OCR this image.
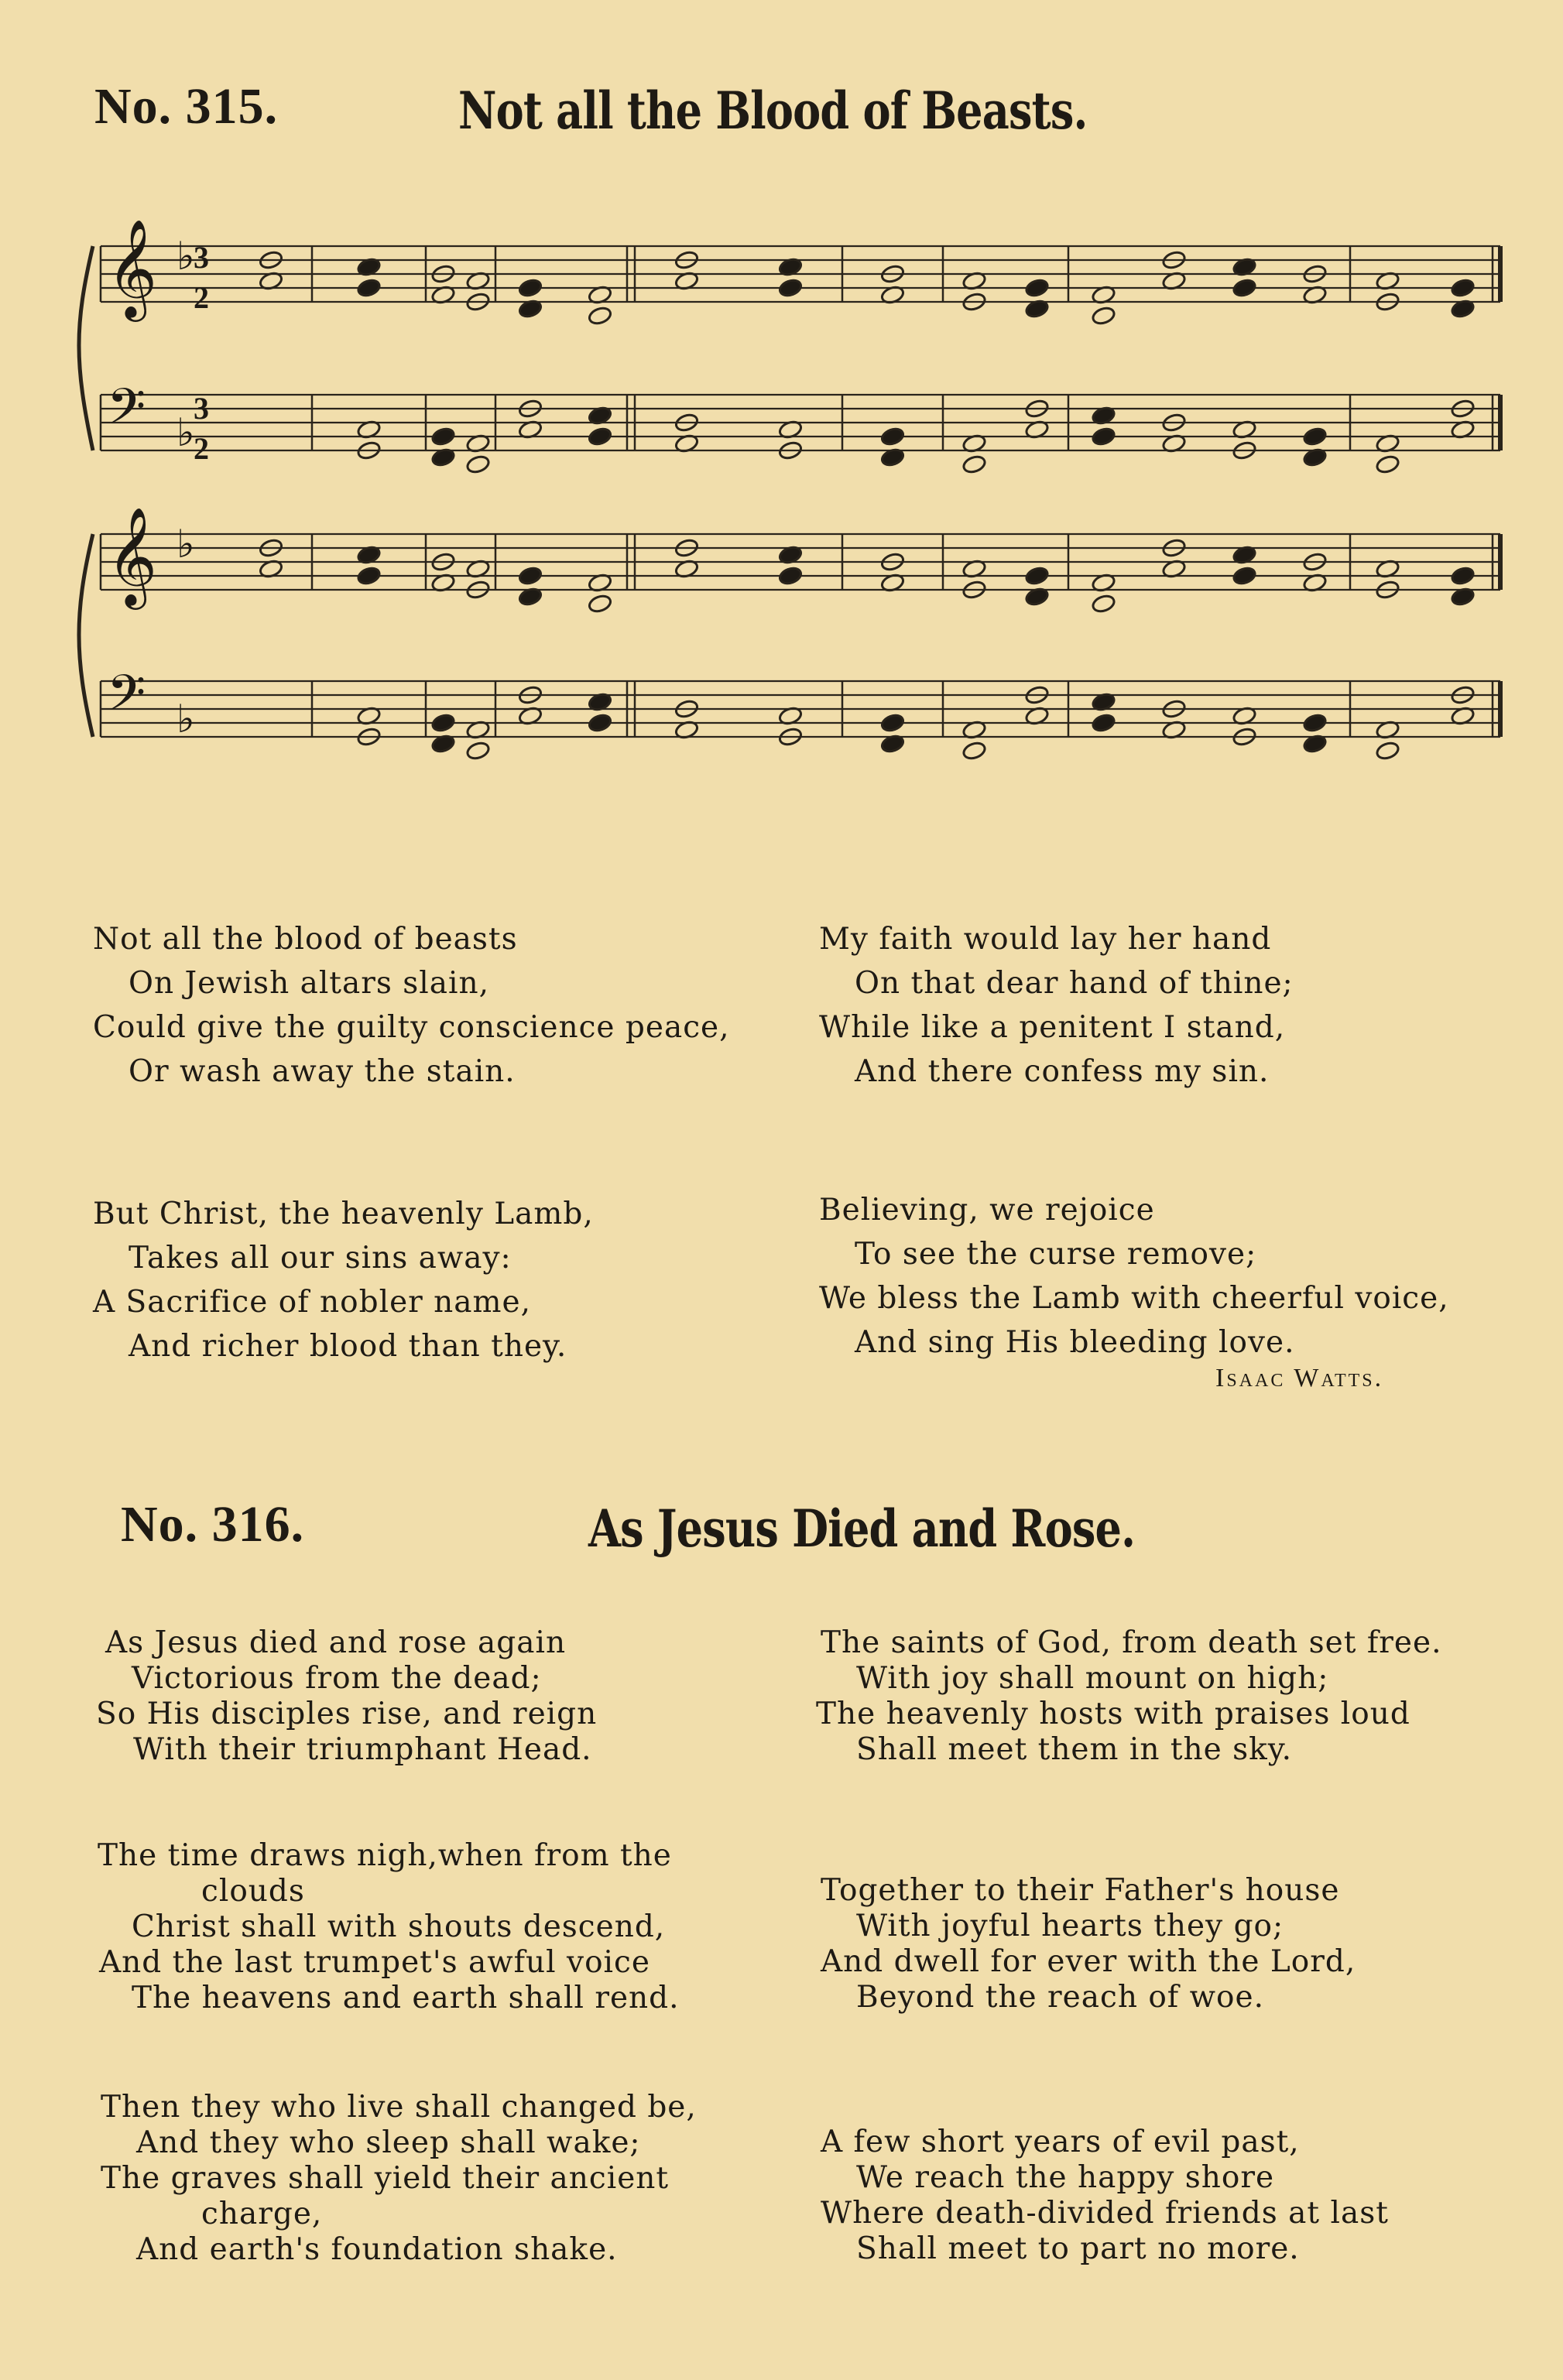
No. 315.	Not all the Blood of Beasts.
𝄞 ♭
𝄢 ♭
𝄞 ♭
𝄢 ♭
3
2
3
2
Not all the blood of beasts
On Jewish altars slain,
Could give the guilty conscience peace,
Or wash away the stain.
My faith would lay her hand
On that dear hand of thine;
While like a penitent I stand,
And there confess my sin.
But Christ, the heavenly Lamb,
Takes all our sins away:
A Sacrifice of nobler name,
And richer blood than they.
Believing, we rejoice
To see the curse remove;
We bless the Lamb with cheerful voice,
And sing His bleeding love.
Isaac Watts.
No. 316.	As Jesus Died and Rose.
As Jesus died and rose again
Victorious from the dead;
So His disciples rise, and reign
With their triumphant Head.
The saints of God, from death set free.
With joy shall mount on high;
The heavenly hosts with praises loud
Shall meet them in the sky.
The time draws nigh,when from the
clouds
Christ shall with shouts descend,
And the last trumpet's awful voice
The heavens and earth shall rend.
Together to their Father's house
With joyful hearts they go;
And dwell for ever with the Lord,
Beyond the reach of woe.
Then they who live shall changed be,
And they who sleep shall wake;
The graves shall yield their ancient
charge,
And earth's foundation shake.
A few short years of evil past,
We reach the happy shore
Where death-divided friends at last
Shall meet to part no more.
